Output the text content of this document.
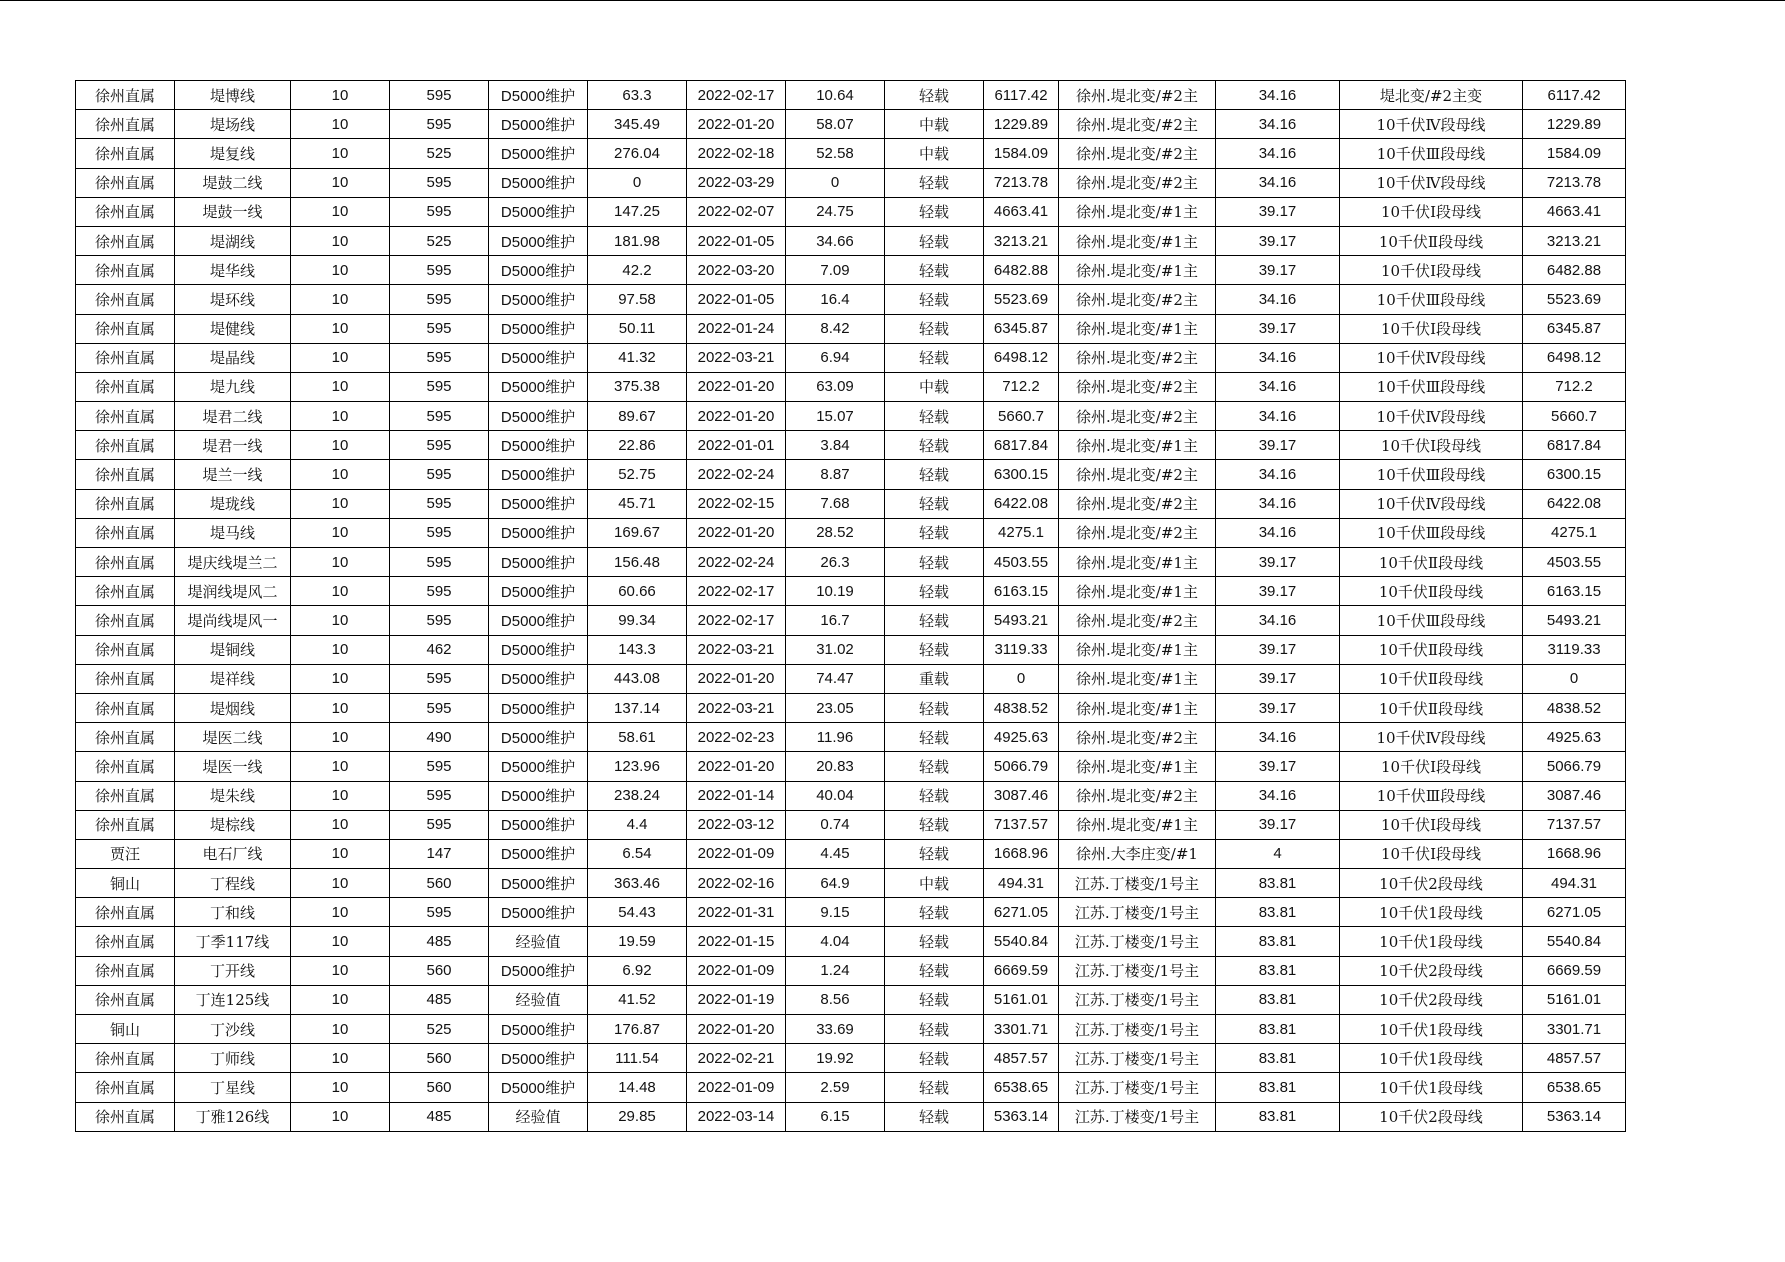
徐州直属	堤博线	10	595	D5000维护	63.3	2022-02-17	10.64	轻载	6117.42	徐州.堤北变/#2主	34.16	堤北变/#2主变	6117.42
徐州直属	堤场线	10	595	D5000维护	345.49	2022-01-20	58.07	中载	1229.89	徐州.堤北变/#2主	34.16	10千伏Ⅳ段母线	1229.89
徐州直属	堤复线	10	525	D5000维护	276.04	2022-02-18	52.58	中载	1584.09	徐州.堤北变/#2主	34.16	10千伏Ⅲ段母线	1584.09
徐州直属	堤鼓二线	10	595	D5000维护	0	2022-03-29	0	轻载	7213.78	徐州.堤北变/#2主	34.16	10千伏Ⅳ段母线	7213.78
徐州直属	堤鼓一线	10	595	D5000维护	147.25	2022-02-07	24.75	轻载	4663.41	徐州.堤北变/#1主	39.17	10千伏Ⅰ段母线	4663.41
徐州直属	堤湖线	10	525	D5000维护	181.98	2022-01-05	34.66	轻载	3213.21	徐州.堤北变/#1主	39.17	10千伏Ⅱ段母线	3213.21
徐州直属	堤华线	10	595	D5000维护	42.2	2022-03-20	7.09	轻载	6482.88	徐州.堤北变/#1主	39.17	10千伏Ⅰ段母线	6482.88
徐州直属	堤环线	10	595	D5000维护	97.58	2022-01-05	16.4	轻载	5523.69	徐州.堤北变/#2主	34.16	10千伏Ⅲ段母线	5523.69
徐州直属	堤健线	10	595	D5000维护	50.11	2022-01-24	8.42	轻载	6345.87	徐州.堤北变/#1主	39.17	10千伏Ⅰ段母线	6345.87
徐州直属	堤晶线	10	595	D5000维护	41.32	2022-03-21	6.94	轻载	6498.12	徐州.堤北变/#2主	34.16	10千伏Ⅳ段母线	6498.12
徐州直属	堤九线	10	595	D5000维护	375.38	2022-01-20	63.09	中载	712.2	徐州.堤北变/#2主	34.16	10千伏Ⅲ段母线	712.2
徐州直属	堤君二线	10	595	D5000维护	89.67	2022-01-20	15.07	轻载	5660.7	徐州.堤北变/#2主	34.16	10千伏Ⅳ段母线	5660.7
徐州直属	堤君一线	10	595	D5000维护	22.86	2022-01-01	3.84	轻载	6817.84	徐州.堤北变/#1主	39.17	10千伏Ⅰ段母线	6817.84
徐州直属	堤兰一线	10	595	D5000维护	52.75	2022-02-24	8.87	轻载	6300.15	徐州.堤北变/#2主	34.16	10千伏Ⅲ段母线	6300.15
徐州直属	堤珑线	10	595	D5000维护	45.71	2022-02-15	7.68	轻载	6422.08	徐州.堤北变/#2主	34.16	10千伏Ⅳ段母线	6422.08
徐州直属	堤马线	10	595	D5000维护	169.67	2022-01-20	28.52	轻载	4275.1	徐州.堤北变/#2主	34.16	10千伏Ⅲ段母线	4275.1
徐州直属	堤庆线堤兰二	10	595	D5000维护	156.48	2022-02-24	26.3	轻载	4503.55	徐州.堤北变/#1主	39.17	10千伏Ⅱ段母线	4503.55
徐州直属	堤润线堤风二	10	595	D5000维护	60.66	2022-02-17	10.19	轻载	6163.15	徐州.堤北变/#1主	39.17	10千伏Ⅱ段母线	6163.15
徐州直属	堤尚线堤风一	10	595	D5000维护	99.34	2022-02-17	16.7	轻载	5493.21	徐州.堤北变/#2主	34.16	10千伏Ⅲ段母线	5493.21
徐州直属	堤铜线	10	462	D5000维护	143.3	2022-03-21	31.02	轻载	3119.33	徐州.堤北变/#1主	39.17	10千伏Ⅱ段母线	3119.33
徐州直属	堤祥线	10	595	D5000维护	443.08	2022-01-20	74.47	重载	0	徐州.堤北变/#1主	39.17	10千伏Ⅱ段母线	0
徐州直属	堤烟线	10	595	D5000维护	137.14	2022-03-21	23.05	轻载	4838.52	徐州.堤北变/#1主	39.17	10千伏Ⅱ段母线	4838.52
徐州直属	堤医二线	10	490	D5000维护	58.61	2022-02-23	11.96	轻载	4925.63	徐州.堤北变/#2主	34.16	10千伏Ⅳ段母线	4925.63
徐州直属	堤医一线	10	595	D5000维护	123.96	2022-01-20	20.83	轻载	5066.79	徐州.堤北变/#1主	39.17	10千伏Ⅰ段母线	5066.79
徐州直属	堤朱线	10	595	D5000维护	238.24	2022-01-14	40.04	轻载	3087.46	徐州.堤北变/#2主	34.16	10千伏Ⅲ段母线	3087.46
徐州直属	堤棕线	10	595	D5000维护	4.4	2022-03-12	0.74	轻载	7137.57	徐州.堤北变/#1主	39.17	10千伏Ⅰ段母线	7137.57
贾汪	电石厂线	10	147	D5000维护	6.54	2022-01-09	4.45	轻载	1668.96	徐州.大李庄变/#1	4	10千伏Ⅰ段母线	1668.96
铜山	丁程线	10	560	D5000维护	363.46	2022-02-16	64.9	中载	494.31	江苏.丁楼变/1号主	83.81	10千伏2段母线	494.31
徐州直属	丁和线	10	595	D5000维护	54.43	2022-01-31	9.15	轻载	6271.05	江苏.丁楼变/1号主	83.81	10千伏1段母线	6271.05
徐州直属	丁季117线	10	485	经验值	19.59	2022-01-15	4.04	轻载	5540.84	江苏.丁楼变/1号主	83.81	10千伏1段母线	5540.84
徐州直属	丁开线	10	560	D5000维护	6.92	2022-01-09	1.24	轻载	6669.59	江苏.丁楼变/1号主	83.81	10千伏2段母线	6669.59
徐州直属	丁连125线	10	485	经验值	41.52	2022-01-19	8.56	轻载	5161.01	江苏.丁楼变/1号主	83.81	10千伏2段母线	5161.01
铜山	丁沙线	10	525	D5000维护	176.87	2022-01-20	33.69	轻载	3301.71	江苏.丁楼变/1号主	83.81	10千伏1段母线	3301.71
徐州直属	丁师线	10	560	D5000维护	111.54	2022-02-21	19.92	轻载	4857.57	江苏.丁楼变/1号主	83.81	10千伏1段母线	4857.57
徐州直属	丁星线	10	560	D5000维护	14.48	2022-01-09	2.59	轻载	6538.65	江苏.丁楼变/1号主	83.81	10千伏1段母线	6538.65
徐州直属	丁雅126线	10	485	经验值	29.85	2022-03-14	6.15	轻载	5363.14	江苏.丁楼变/1号主	83.81	10千伏2段母线	5363.14
